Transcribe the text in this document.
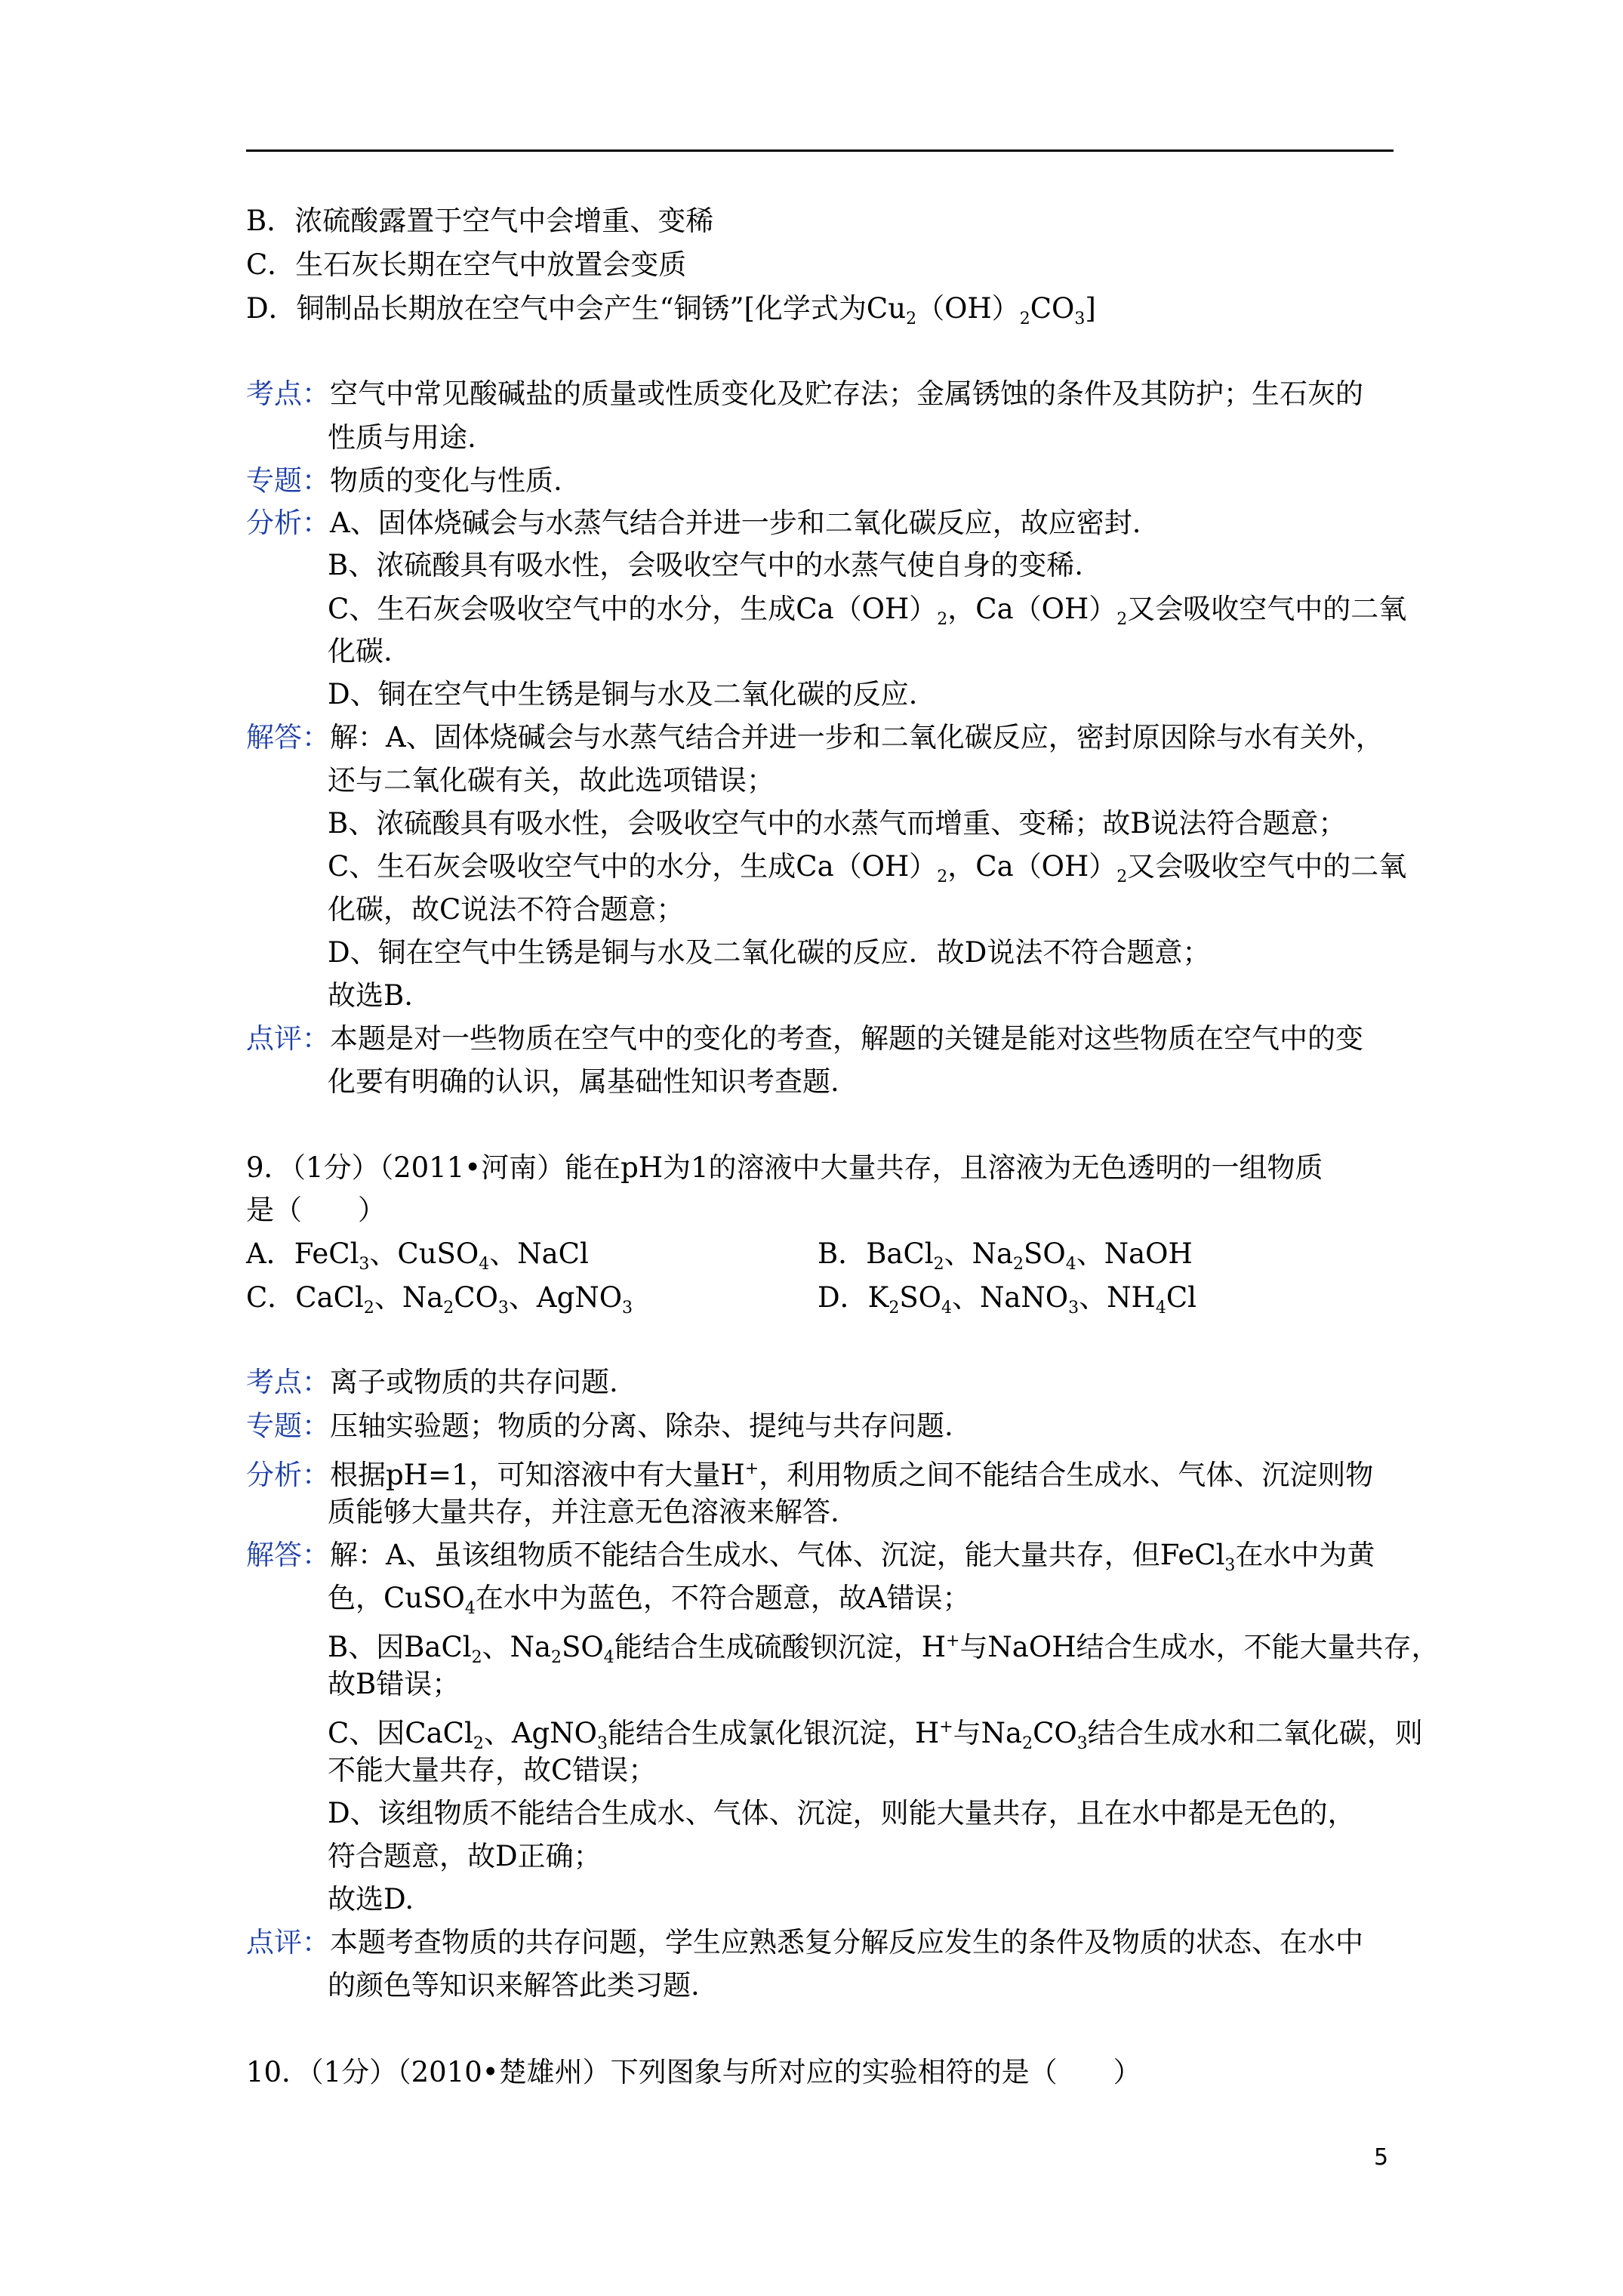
B．浓硫酸露置于空气中会增重、变稀
C．生石灰长期在空气中放置会变质
D．铜制品长期放在空气中会产生“铜锈”[化学式为$Cu_2(OH)_2CO_3$]
考点：空气中常见酸碱盐的质量或性质变化及贮存法；金属锈蚀的条件及其防护；生石灰的
性质与用途.
专题：物质的变化与性质.
分析：A、固体烧碱会与水蒸气结合并进一步和二氧化碳反应，故应密封.
B、浓硫酸具有吸水性，会吸收空气中的水蒸气使自身的变稀.
C、生石灰会吸收空气中的水分，生成$Ca(OH)_2$，$Ca(OH)_2$又会吸收空气中的二氧
化碳.
D、铜在空气中生锈是铜与水及二氧化碳的反应.
解答：解：A、固体烧碱会与水蒸气结合并进一步和二氧化碳反应，密封原因除与水有关外，
还与二氧化碳有关，故此选项错误；
B、浓硫酸具有吸水性，会吸收空气中的水蒸气而增重、变稀；故B说法符合题意；
C、生石灰会吸收空气中的水分，生成$Ca(OH)_2$，$Ca(OH)_2$又会吸收空气中的二氧
化碳，故C说法不符合题意；
D、铜在空气中生锈是铜与水及二氧化碳的反应．故D说法不符合题意；
故选B.
点评：本题是对一些物质在空气中的变化的考查，解题的关键是能对这些物质在空气中的变
化要有明确的认识，属基础性知识考查题.
9．（1分）（2011•河南）能在pH为1的溶液中大量共存，且溶液为无色透明的一组物质
是（　　）
A．FeCl$_3$、CuSO$_4$、NaCl	B．BaCl$_2$、$Na_2SO_4$、NaOH
C．CaCl$_2$、$Na_2CO_3$、AgNO$_3$	D．$K_2SO_4$、NaNO$_3$、$NH_4Cl$
考点：离子或物质的共存问题.
专题：压轴实验题；物质的分离、除杂、提纯与共存问题.
分析：根据pH=1，可知溶液中有大量H+，利用物质之间不能结合生成水、气体、沉淀则物
质能够大量共存，并注意无色溶液来解答.
解答：解：A、虽该组物质不能结合生成水、气体、沉淀，能大量共存，但FeCl$_3$在水中为黄
色，CuSO$_4$在水中为蓝色，不符合题意，故A错误；
B、因BaCl$_2$、$Na_2SO_4$能结合生成硫酸钡沉淀，H+与NaOH结合生成水，不能大量共存，
故B错误；
C、因CaCl$_2$、AgNO$_3$能结合生成氯化银沉淀，H+与$Na_2CO_3$结合生成水和二氧化碳，则
不能大量共存，故C错误；
D、该组物质不能结合生成水、气体、沉淀，则能大量共存，且在水中都是无色的，
符合题意，故D正确；
故选D.
点评：本题考查物质的共存问题，学生应熟悉复分解反应发生的条件及物质的状态、在水中
的颜色等知识来解答此类习题.
10．（1分）（2010•楚雄州）下列图象与所对应的实验相符的是（　　）
5
